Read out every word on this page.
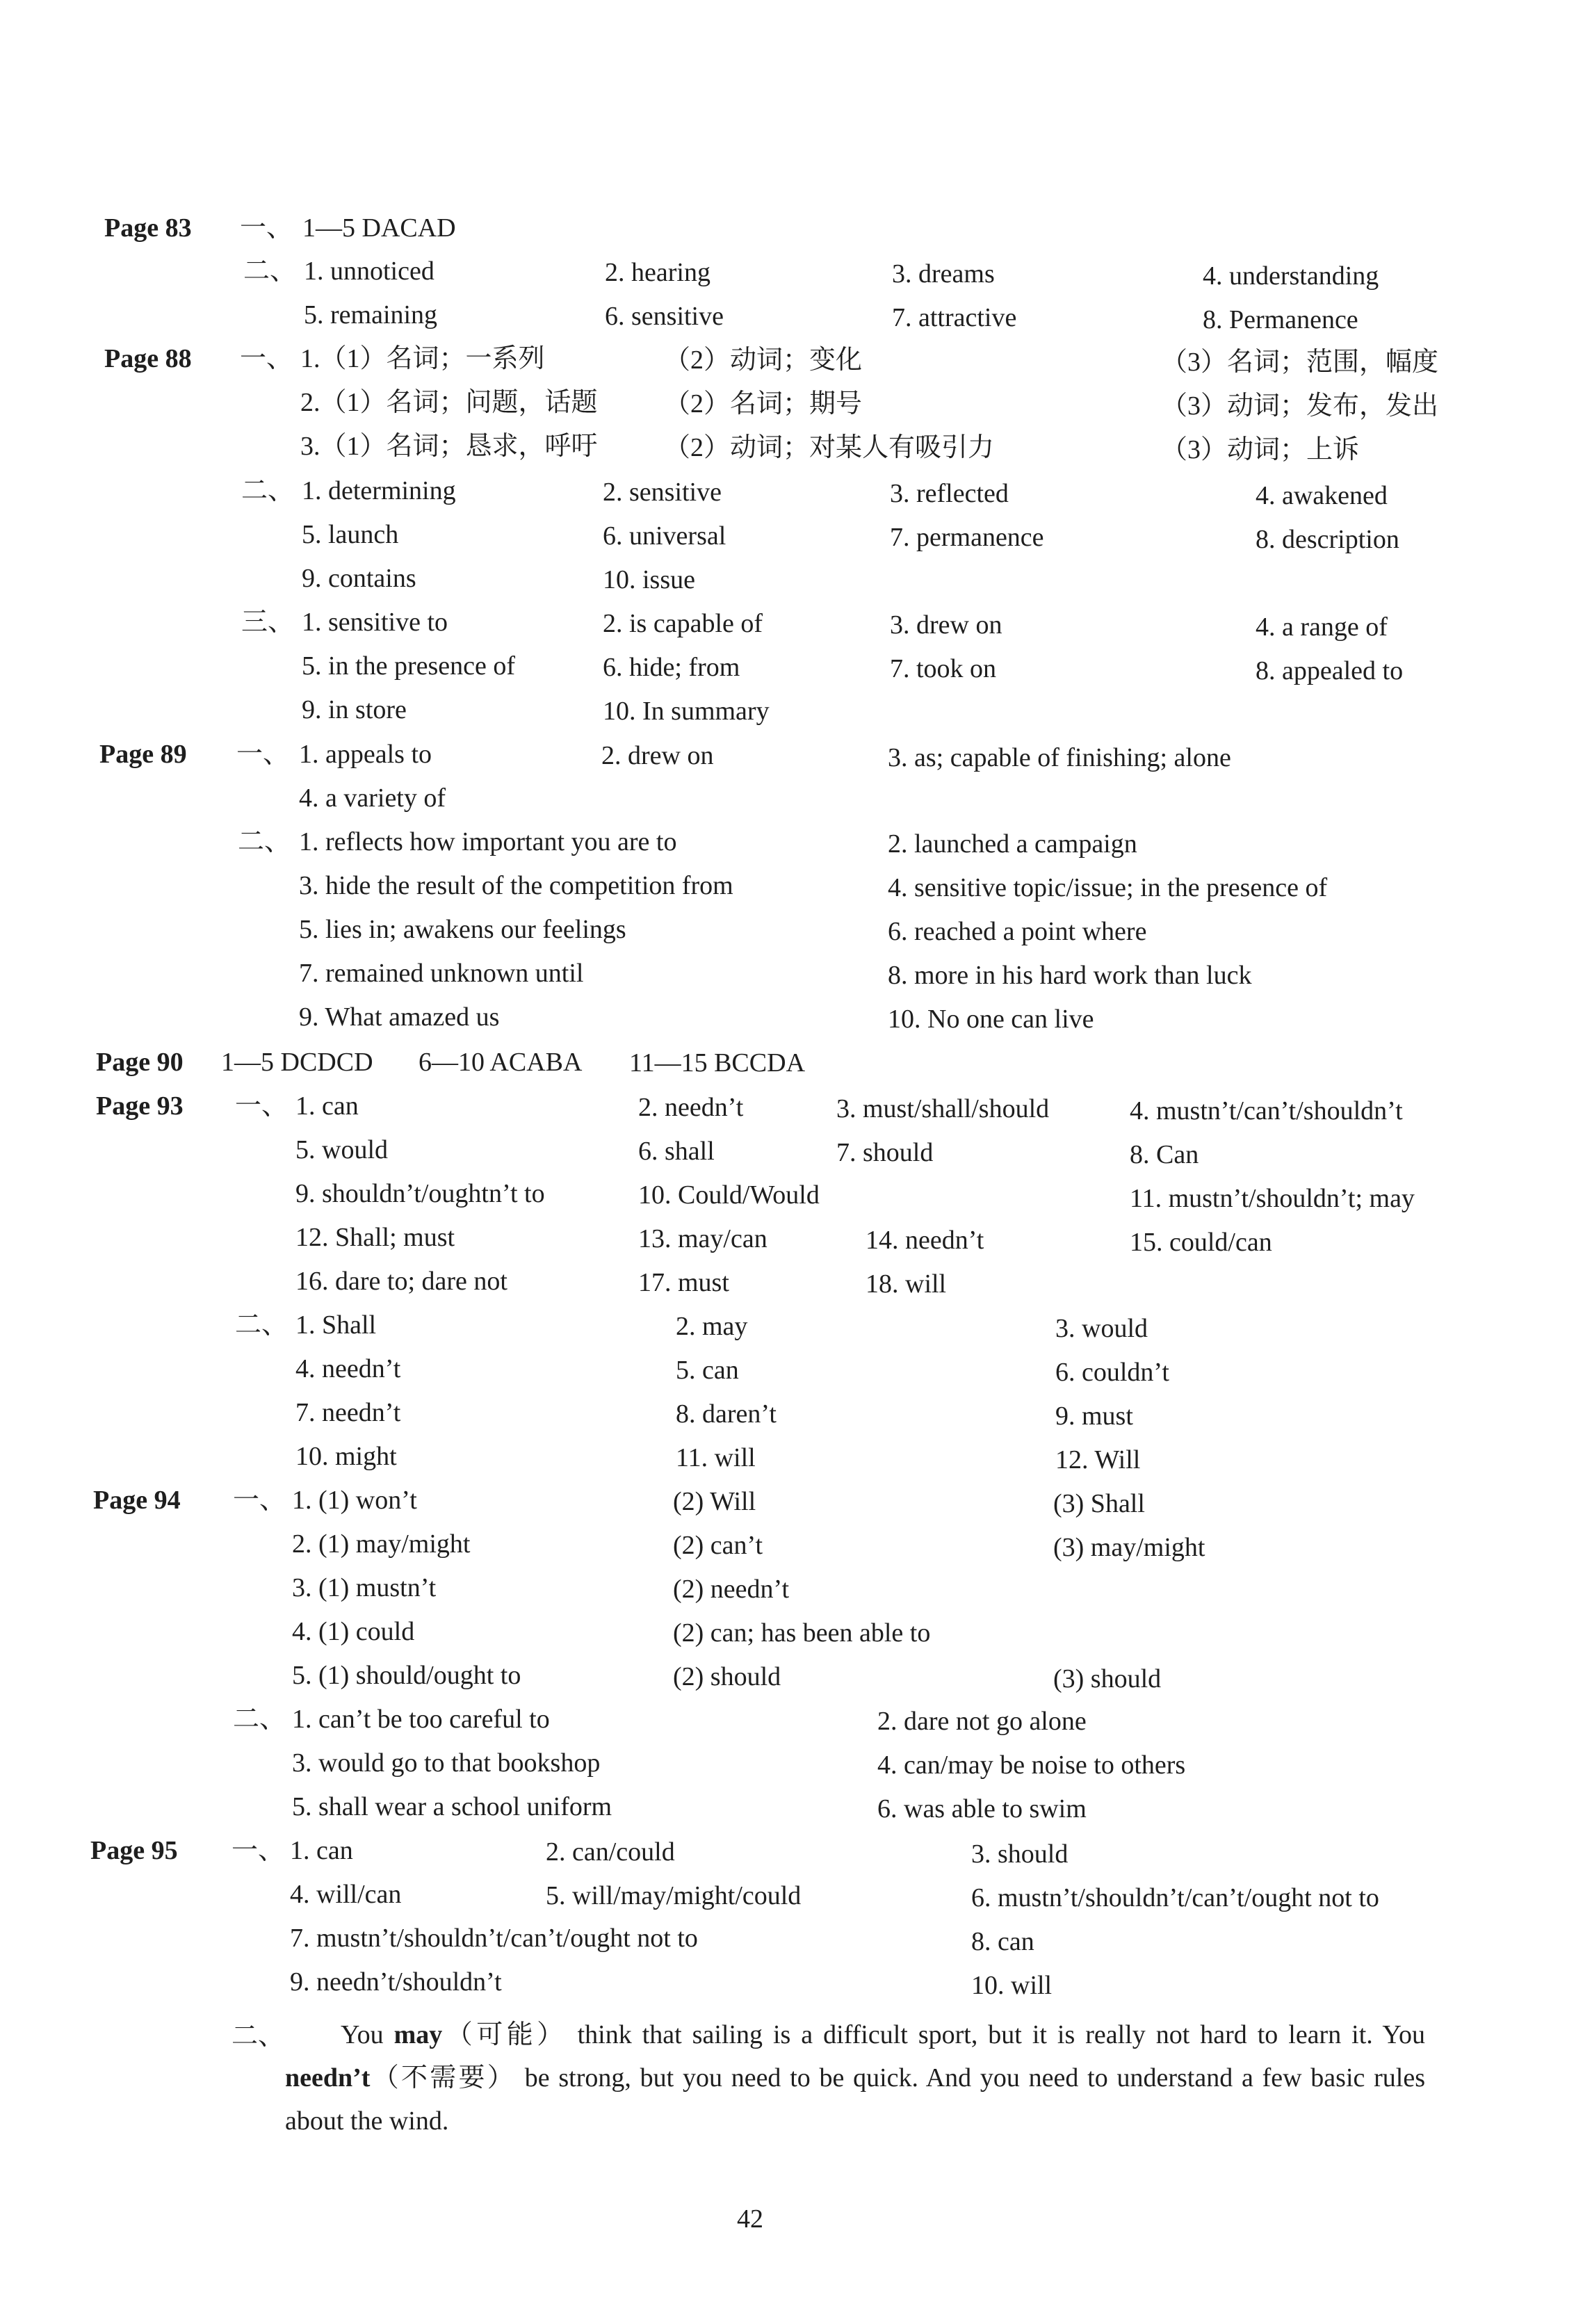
Page 83 一、 1—5 DACAD
二、 1. unnoticed	2. hearing	3. dreams	4. understanding
5. remaining	6. sensitive	7. attractive	8. Permanence
Page 88 一、 1.（1）名词；一系列	（2）动词；变化	（3）名词；范围，幅度
2.（1）名词；问题，话题	（2）名词；期号	（3）动词；发布，发出
3.（1）名词；恳求，呼吁	（2）动词；对某人有吸引力	（3）动词；上诉
二、 1. determining	2. sensitive	3. reflected	4. awakened
5. launch	6. universal	7. permanence	8. description
9. contains	10. issue
三、 1. sensitive to	2. is capable of	3. drew on	4. a range of
5. in the presence of	6. hide; from	7. took on	8. appealed to
9. in store	10. In summary
Page 89 一、 1. appeals to	2. drew on	3. as; capable of finishing; alone
4. a variety of
二、 1. reflects how important you are to	2. launched a campaign
3. hide the result of the competition from	4. sensitive topic/issue; in the presence of
5. lies in; awakens our feelings	6. reached a point where
7. remained unknown until	8. more in his hard work than luck
9. What amazed us	10. No one can live
Page 90 1—5 DCDCD 6—10 ACABA 11—15 BCCDA
Page 93 一、 1. can	2. needn’t	3. must/shall/should	4. mustn’t/can’t/shouldn’t
5. would	6. shall	7. should	8. Can
9. shouldn’t/oughtn’t to	10. Could/Would	11. mustn’t/shouldn’t; may
12. Shall; must	13. may/can	14. needn’t	15. could/can
16. dare to; dare not	17. must	18. will
二、 1. Shall	2. may	3. would
4. needn’t	5. can	6. couldn’t
7. needn’t	8. daren’t	9. must
10. might	11. will	12. Will
Page 94 一、 1. (1) won’t	(2) Will	(3) Shall
2. (1) may/might	(2) can’t	(3) may/might
3. (1) mustn’t	(2) needn’t
4. (1) could	(2) can; has been able to
5. (1) should/ought to	(2) should	(3) should
二、 1. can’t be too careful to	2. dare not go alone
3. would go to that bookshop	4. can/may be noise to others
5. shall wear a school uniform	6. was able to swim
Page 95 一、 1. can	2. can/could	3. should
4. will/can	5. will/may/might/could	6. mustn’t/shouldn’t/can’t/ought not to
7. mustn’t/shouldn’t/can’t/ought not to	8. can
9. needn’t/shouldn’t	10. will
二、	You may（可能） think that sailing is a difficult sport, but it is really not hard to learn it. You needn’t（不需要） be strong, but you need to be quick. And you need to understand a few basic rules about the wind.
42
